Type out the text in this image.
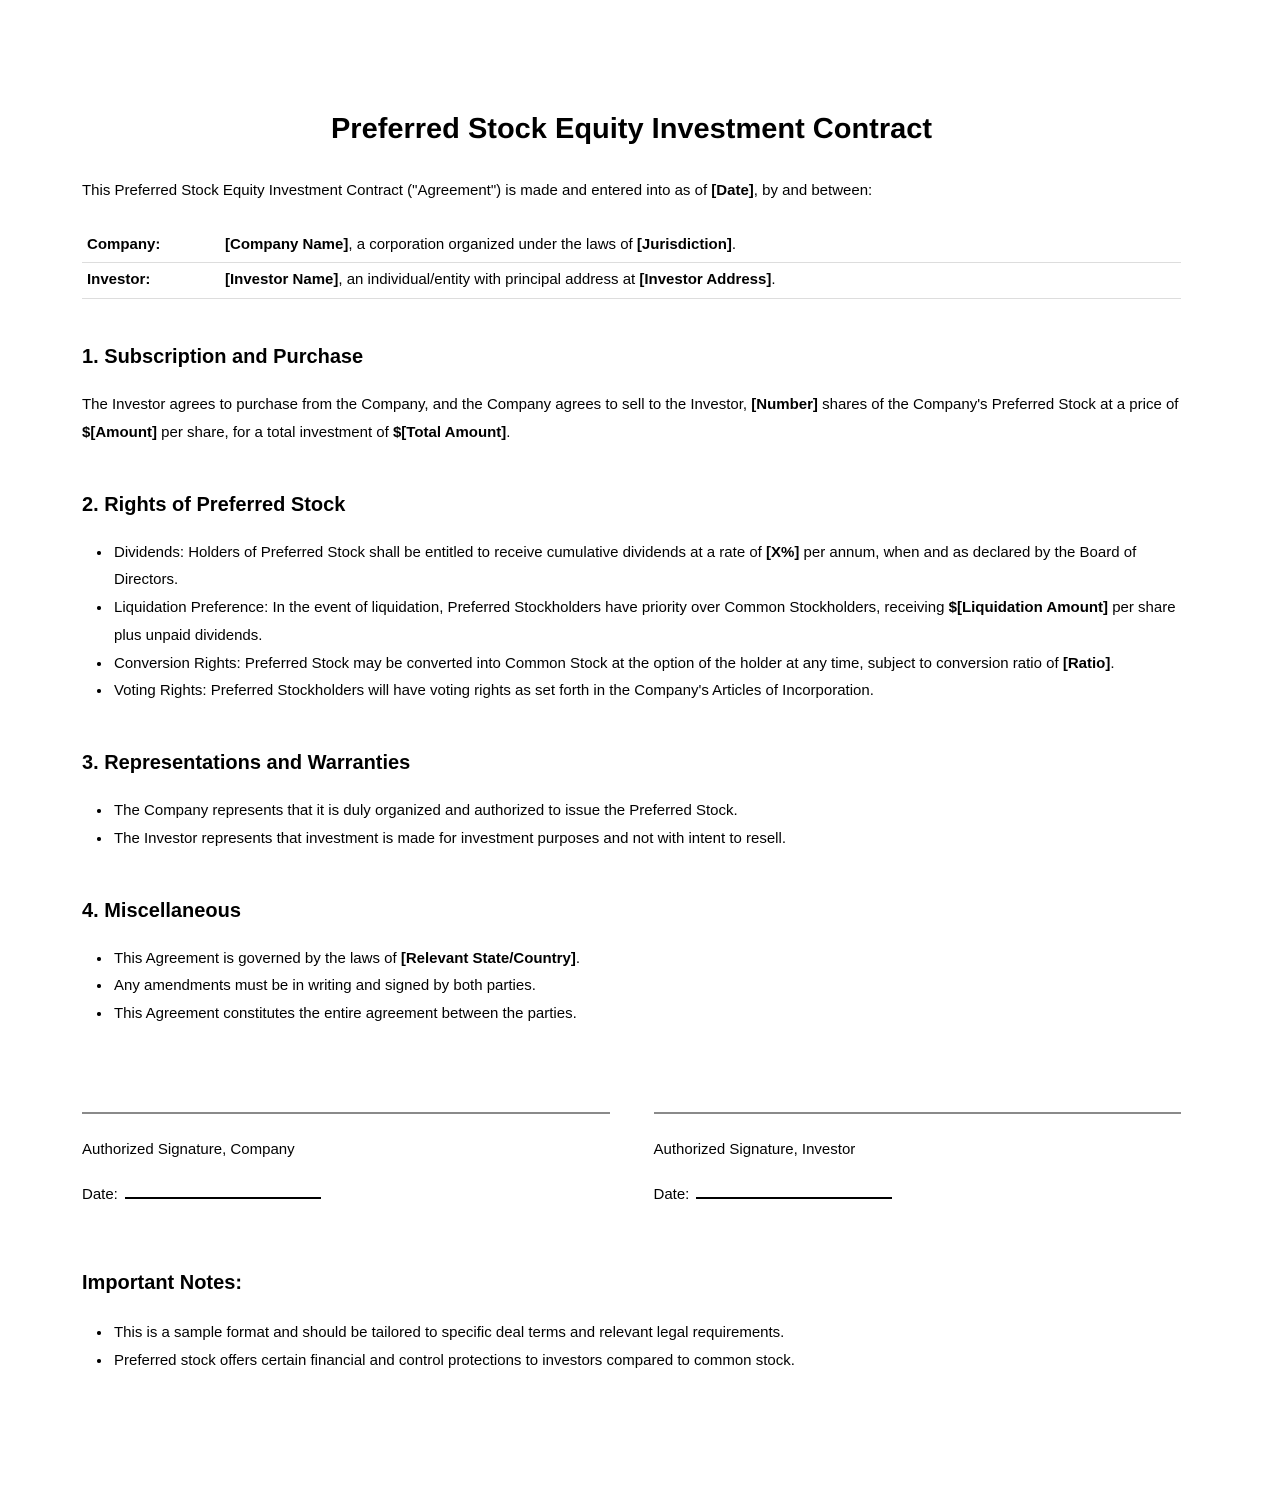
Preferred Stock Equity Investment Contract

This Preferred Stock Equity Investment Contract ("Agreement") is made and entered into as of [Date], by and between:

Company:	[Company Name], a corporation organized under the laws of [Jurisdiction].
Investor:	[Investor Name], an individual/entity with principal address at [Investor Address].
1. Subscription and Purchase

The Investor agrees to purchase from the Company, and the Company agrees to sell to the Investor, [Number] shares of the Company's Preferred Stock at a price of $[Amount] per share, for a total investment of $[Total Amount].

2. Rights of Preferred Stock
• Dividends: Holders of Preferred Stock shall be entitled to receive cumulative dividends at a rate of [X%] per annum, when and as declared by the Board of Directors.
• Liquidation Preference: In the event of liquidation, Preferred Stockholders have priority over Common Stockholders, receiving $[Liquidation Amount] per share plus unpaid dividends.
• Conversion Rights: Preferred Stock may be converted into Common Stock at the option of the holder at any time, subject to conversion ratio of [Ratio].
• Voting Rights: Preferred Stockholders will have voting rights as set forth in the Company's Articles of Incorporation.
3. Representations and Warranties
• The Company represents that it is duly organized and authorized to issue the Preferred Stock.
• The Investor represents that investment is made for investment purposes and not with intent to resell.
4. Miscellaneous
• This Agreement is governed by the laws of [Relevant State/Country].
• Any amendments must be in writing and signed by both parties.
• This Agreement constitutes the entire agreement between the parties.

Authorized Signature, Company

Date:

Authorized Signature, Investor

Date:

Important Notes:
• This is a sample format and should be tailored to specific deal terms and relevant legal requirements.
• Preferred stock offers certain financial and control protections to investors compared to common stock.
